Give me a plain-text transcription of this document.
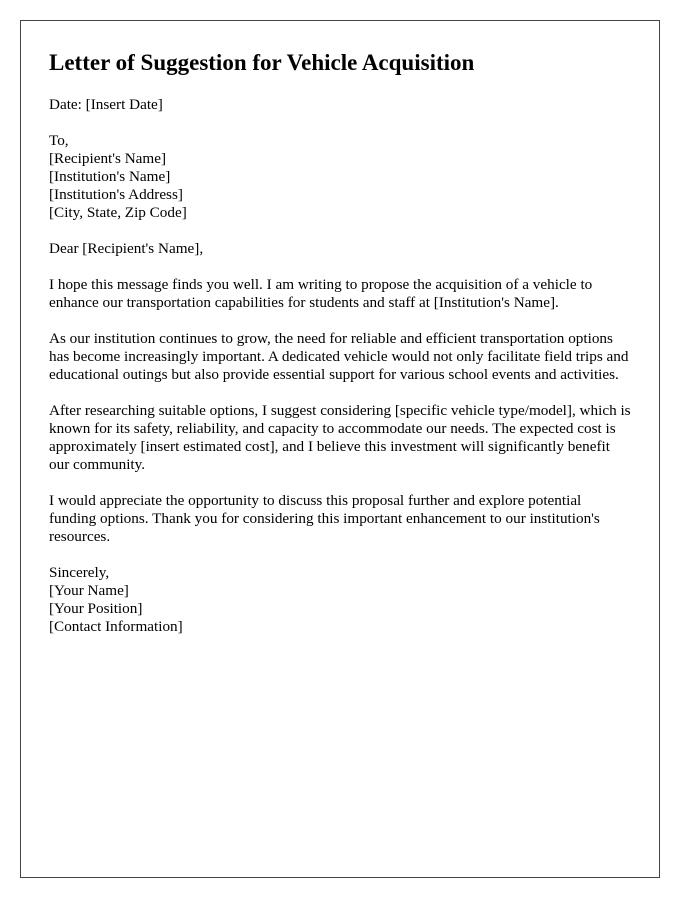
Letter of Suggestion for Vehicle Acquisition

Date: [Insert Date]

To,
[Recipient's Name]
[Institution's Name]
[Institution's Address]
[City, State, Zip Code]

Dear [Recipient's Name],

I hope this message finds you well. I am writing to propose the acquisition of a vehicle to enhance our transportation capabilities for students and staff at [Institution's Name].

As our institution continues to grow, the need for reliable and efficient transportation options has become increasingly important. A dedicated vehicle would not only facilitate field trips and educational outings but also provide essential support for various school events and activities.

After researching suitable options, I suggest considering [specific vehicle type/model], which is known for its safety, reliability, and capacity to accommodate our needs. The expected cost is approximately [insert estimated cost], and I believe this investment will significantly benefit our community.

I would appreciate the opportunity to discuss this proposal further and explore potential funding options. Thank you for considering this important enhancement to our institution's resources.

Sincerely,
[Your Name]
[Your Position]
[Contact Information]
